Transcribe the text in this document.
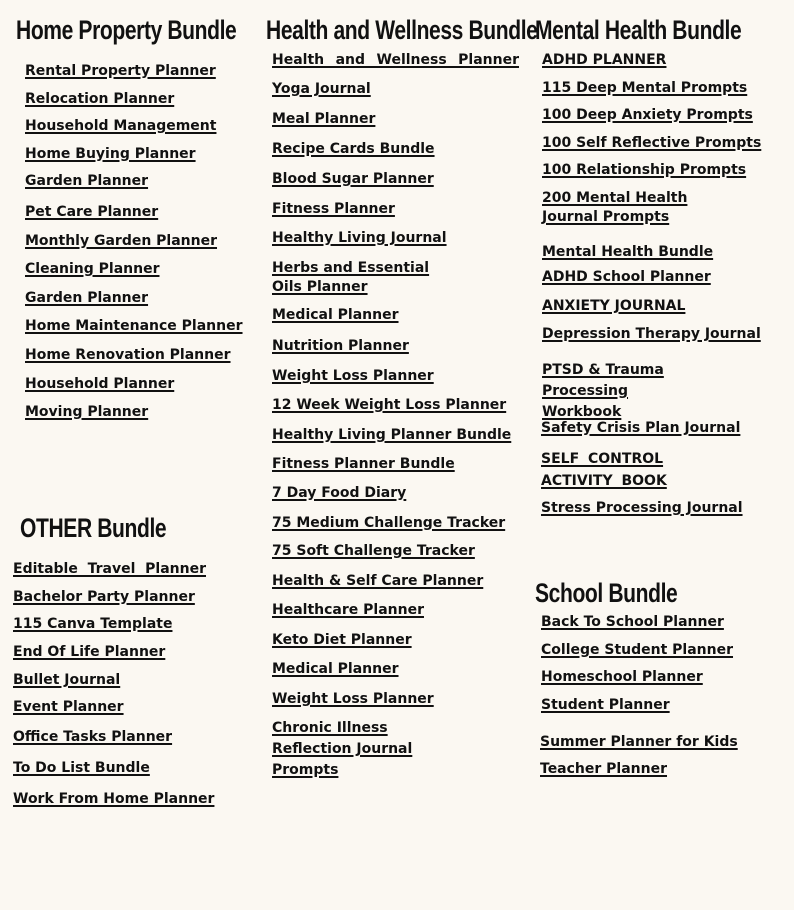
Home Property Bundle
Rental Property Planner
Relocation Planner
Household Management
Home Buying Planner
Garden Planner
Pet Care Planner
Monthly Garden Planner
Cleaning Planner
Garden Planner
Home Maintenance Planner
Home Renovation Planner
Household Planner
Moving Planner
Health and Wellness Bundle
Health and Wellness Planner
Yoga Journal
Meal Planner
Recipe Cards Bundle
Blood Sugar Planner
Fitness Planner
Healthy Living Journal
Herbs and Essential Oils Planner
Medical Planner
Nutrition Planner
Weight Loss Planner
12 Week Weight Loss Planner
Healthy Living Planner Bundle
Fitness Planner Bundle
7 Day Food Diary
75 Medium Challenge Tracker
75 Soft Challenge Tracker
Health & Self Care Planner
Healthcare Planner
Keto Diet Planner
Medical Planner
Weight Loss Planner
Chronic Illness Reflection Journal Prompts
Mental Health Bundle
ADHD PLANNER
115 Deep Mental Prompts
100 Deep Anxiety Prompts
100 Self Reflective Prompts
100 Relationship Prompts
200 Mental Health Journal Prompts
Mental Health Bundle
ADHD School Planner
ANXIETY JOURNAL
Depression Therapy Journal
PTSD & Trauma Processing Workbook
Safety Crisis Plan Journal
SELF CONTROL ACTIVITY BOOK
Stress Processing Journal
OTHER Bundle
Editable Travel Planner
Bachelor Party Planner
115 Canva Template
End Of Life Planner
Bullet Journal
Event Planner
Office Tasks Planner
To Do List Bundle
Work From Home Planner
School Bundle
Back To School Planner
College Student Planner
Homeschool Planner
Student Planner
Summer Planner for Kids
Teacher Planner
